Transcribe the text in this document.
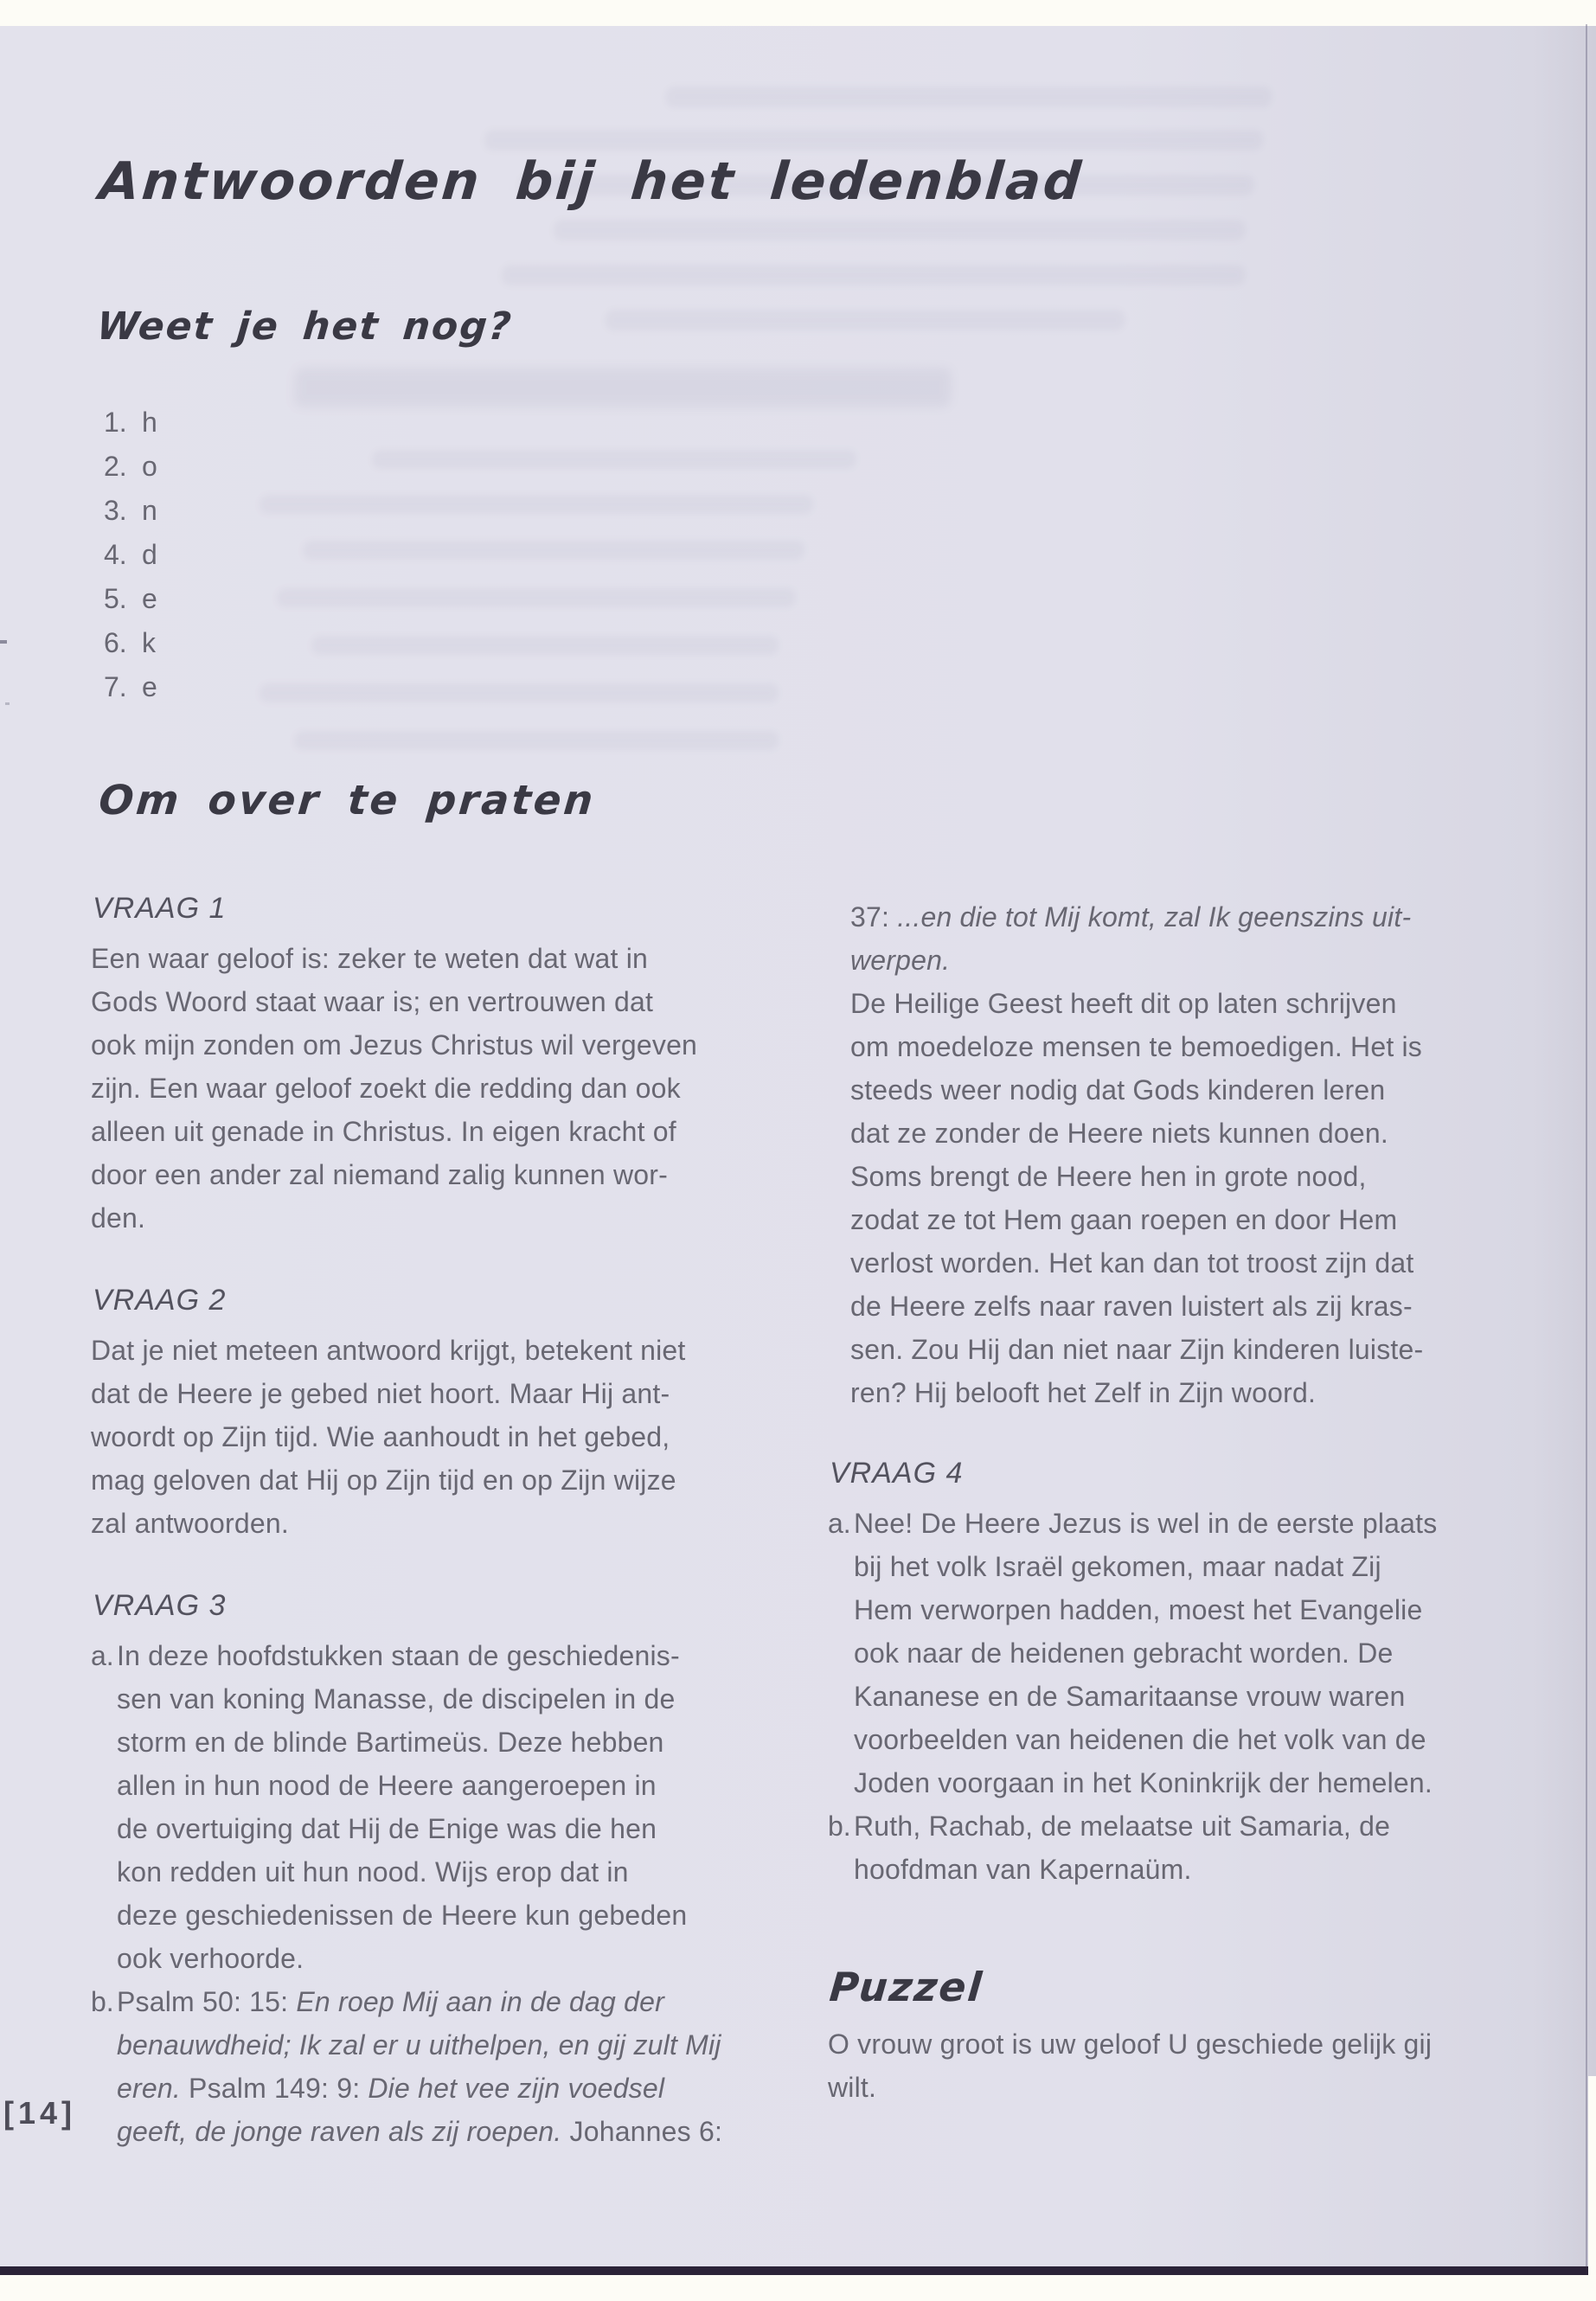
Antwoorden bij het ledenblad
Weet je het nog?
1. h
2. o
3. n
4. d
5. e
6. k
7. e
Om over te praten
VRAAG 1
Een waar geloof is: zeker te weten dat wat in
Gods Woord staat waar is; en vertrouwen dat
ook mijn zonden om Jezus Christus wil vergeven
zijn. Een waar geloof zoekt die redding dan ook
alleen uit genade in Christus. In eigen kracht of
door een ander zal niemand zalig kunnen wor-
den.
VRAAG 2
Dat je niet meteen antwoord krijgt, betekent niet
dat de Heere je gebed niet hoort. Maar Hij ant-
woordt op Zijn tijd. Wie aanhoudt in het gebed,
mag geloven dat Hij op Zijn tijd en op Zijn wijze
zal antwoorden.
VRAAG 3
a. In deze hoofdstukken staan de geschiedenis-
sen van koning Manasse, de discipelen in de
storm en de blinde Bartimeüs. Deze hebben
allen in hun nood de Heere aangeroepen in
de overtuiging dat Hij de Enige was die hen
kon redden uit hun nood. Wijs erop dat in
deze geschiedenissen de Heere kun gebeden
ook verhoorde.
b. Psalm 50: 15: En roep Mij aan in de dag der
benauwdheid; Ik zal er u uithelpen, en gij zult Mij
eren. Psalm 149: 9: Die het vee zijn voedsel
geeft, de jonge raven als zij roepen. Johannes 6:
37: ...en die tot Mij komt, zal Ik geenszins uit-
werpen.
De Heilige Geest heeft dit op laten schrijven
om moedeloze mensen te bemoedigen. Het is
steeds weer nodig dat Gods kinderen leren
dat ze zonder de Heere niets kunnen doen.
Soms brengt de Heere hen in grote nood,
zodat ze tot Hem gaan roepen en door Hem
verlost worden. Het kan dan tot troost zijn dat
de Heere zelfs naar raven luistert als zij kras-
sen. Zou Hij dan niet naar Zijn kinderen luiste-
ren? Hij belooft het Zelf in Zijn woord.
VRAAG 4
a. Nee! De Heere Jezus is wel in de eerste plaats
bij het volk Israël gekomen, maar nadat Zij
Hem verworpen hadden, moest het Evangelie
ook naar de heidenen gebracht worden. De
Kananese en de Samaritaanse vrouw waren
voorbeelden van heidenen die het volk van de
Joden voorgaan in het Koninkrijk der hemelen.
b. Ruth, Rachab, de melaatse uit Samaria, de
hoofdman van Kapernaüm.
Puzzel
O vrouw groot is uw geloof U geschiede gelijk gij
wilt.
[14]
